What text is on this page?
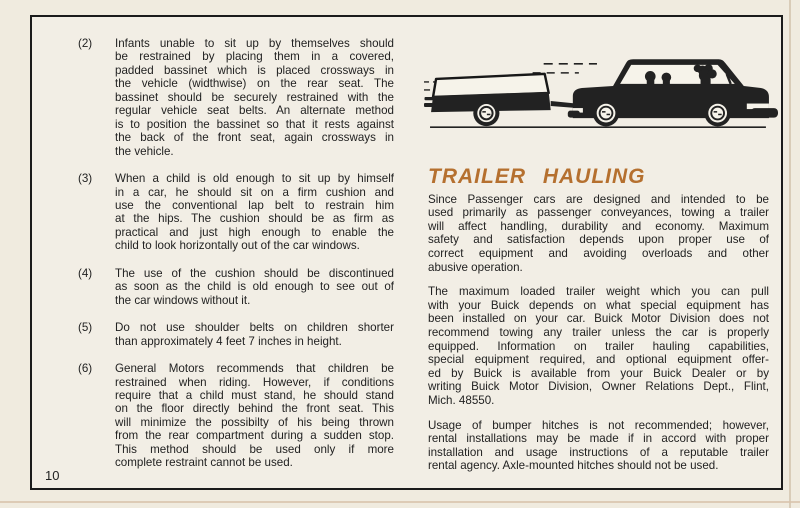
(2)	Infants unable to sit up by themselves should
be restrained by placing them in a covered,
padded bassinet which is placed crossways in
the vehicle (widthwise) on the rear seat. The
bassinet should be securely restrained with the
regular vehicle seat belts. An alternate method
is to position the bassinet so that it rests against
the back of the front seat, again crossways in
the vehicle.
(3)	When a child is old enough to sit up by himself
in a car, he should sit on a firm cushion and
use the conventional lap belt to restrain him
at the hips. The cushion should be as firm as
practical and just high enough to enable the
child to look horizontally out of the car windows.
(4)	The use of the cushion should be discontinued
as soon as the child is old enough to see out of
the car windows without it.
(5)	Do not use shoulder belts on children shorter
than approximately 4 feet 7 inches in height.
(6)	General Motors recommends that children be
restrained when riding. However, if conditions
require that a child must stand, he should stand
on the floor directly behind the front seat. This
will minimize the possibilty of his being thrown
from the rear compartment during a sudden stop.
This method should be used only if more
complete restraint cannot be used.
10
TRAILER HAULING
Since Passenger cars are designed and intended to be
used primarily as passenger conveyances, towing a trailer
will affect handling, durability and economy. Maximum
safety and satisfaction depends upon proper use of
correct equipment and avoiding overloads and other
abusive operation.
The maximum loaded trailer weight which you can pull
with your Buick depends on what special equipment has
been installed on your car. Buick Motor Division does not
recommend towing any trailer unless the car is properly
equipped. Information on trailer hauling capabilities,
special equipment required, and optional equipment offer-
ed by Buick is available from your Buick Dealer or by
writing Buick Motor Division, Owner Relations Dept., Flint,
Mich. 48550.
Usage of bumper hitches is not recommended; however,
rental installations may be made if in accord with proper
installation and usage instructions of a reputable trailer
rental agency. Axle-mounted hitches should not be used.
